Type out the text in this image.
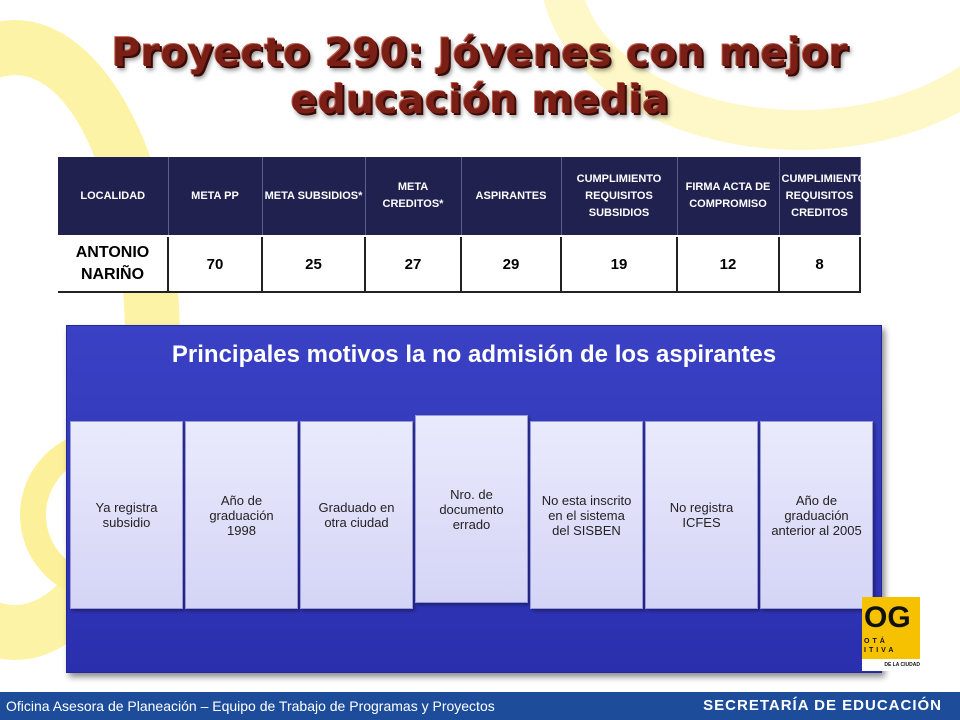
Proyecto 290: Jóvenes con mejor educación media
LOCALIDAD	META PP	META SUBSIDIOS*	META CREDITOS*	ASPIRANTES	CUMPLIMIENTO REQUISITOS SUBSIDIOS	FIRMA ACTA DE COMPROMISO	CUMPLIMIENTO REQUISITOS CREDITOS
ANTONIO NARIÑO	70	25	27	29	19	12	8
Principales motivos la no admisión de los aspirantes
Ya registra subsidio
Año de graduación 1998
Graduado en otra ciudad
Nro. de documento errado
No esta inscrito en el sistema del SISBEN
No registra ICFES
Año de graduación anterior al 2005
OG
OTÁ ITIVA
DE LA CIUDAD
Oficina Asesora de Planeación – Equipo de Trabajo de Programas y Proyectos	SECRETARÍA DE EDUCACIÓN
